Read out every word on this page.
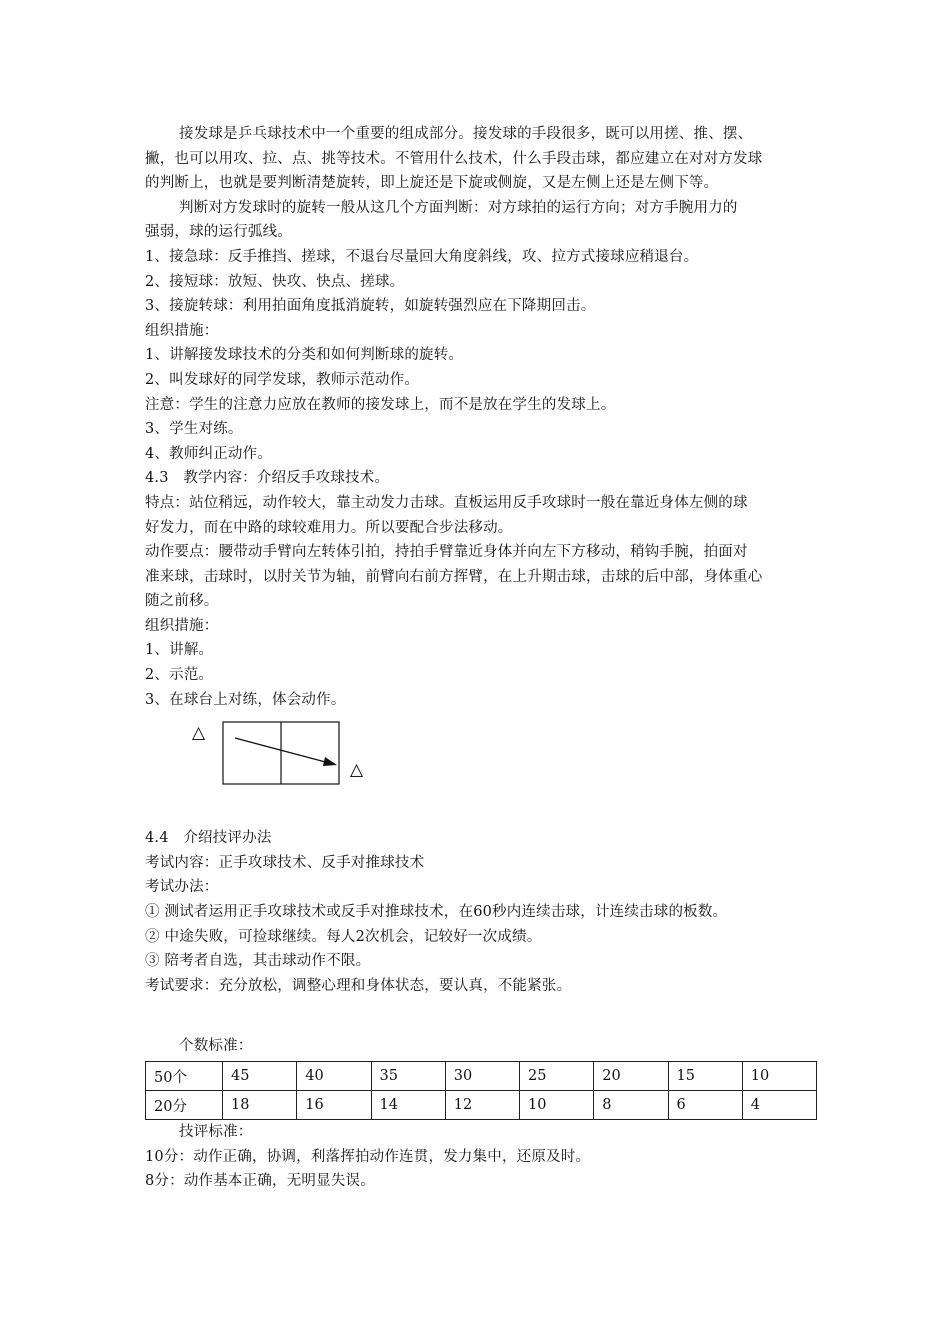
接发球是乒乓球技术中一个重要的组成部分。接发球的手段很多，既可以用搓、推、摆、
撇，也可以用攻、拉、点、挑等技术。不管用什么技术，什么手段击球，都应建立在对对方发球
的判断上，也就是要判断清楚旋转，即上旋还是下旋或侧旋，又是左侧上还是左侧下等。
判断对方发球时的旋转一般从这几个方面判断：对方球拍的运行方向；对方手腕用力的
强弱，球的运行弧线。
1、接急球：反手推挡、搓球，不退台尽量回大角度斜线，攻、拉方式接球应稍退台。
2、接短球：放短、快攻、快点、搓球。
3、接旋转球：利用拍面角度抵消旋转，如旋转强烈应在下降期回击。
组织措施：
1、讲解接发球技术的分类和如何判断球的旋转。
2、叫发球好的同学发球，教师示范动作。
注意：学生的注意力应放在教师的接发球上，而不是放在学生的发球上。
3、学生对练。
4、教师纠正动作。
4.3　教学内容：介绍反手攻球技术。
特点：站位稍远，动作较大，靠主动发力击球。直板运用反手攻球时一般在靠近身体左侧的球
好发力，而在中路的球较难用力。所以要配合步法移动。
动作要点：腰带动手臂向左转体引拍，持拍手臂靠近身体并向左下方移动，稍钩手腕，拍面对
准来球，击球时，以肘关节为轴，前臂向右前方挥臂，在上升期击球，击球的后中部，身体重心
随之前移。
组织措施：
1、讲解。
2、示范。
3、在球台上对练，体会动作。
△
△
4.4　介绍技评办法
考试内容：正手攻球技术、反手对推球技术
考试办法：
① 测试者运用正手攻球技术或反手对推球技术，在60秒内连续击球，计连续击球的板数。
② 中途失败，可捡球继续。每人2次机会，记较好一次成绩。
③ 陪考者自选，其击球动作不限。
考试要求：充分放松，调整心理和身体状态，要认真，不能紧张。
个数标准：
50个	45	40	35	30	25	20	15	10
20分	18	16	14	12	10	8	6	4
技评标准：
10分：动作正确，协调，利落挥拍动作连贯，发力集中，还原及时。
8分：动作基本正确，无明显失误。
